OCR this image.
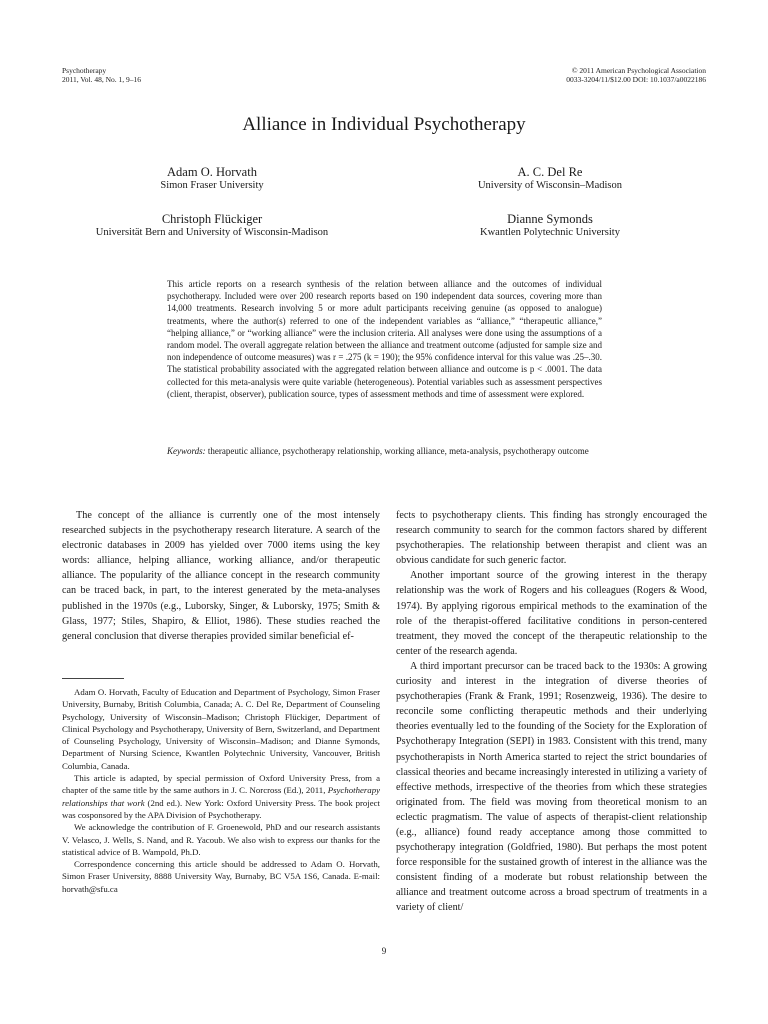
Psychotherapy
2011, Vol. 48, No. 1, 9–16
© 2011 American Psychological Association
0033-3204/11/$12.00 DOI: 10.1037/a0022186
Alliance in Individual Psychotherapy
Adam O. Horvath
Simon Fraser University
A. C. Del Re
University of Wisconsin–Madison
Christoph Flückiger
Universität Bern and University of Wisconsin-Madison
Dianne Symonds
Kwantlen Polytechnic University
This article reports on a research synthesis of the relation between alliance and the outcomes of individual psychotherapy. Included were over 200 research reports based on 190 independent data sources, covering more than 14,000 treatments. Research involving 5 or more adult participants receiving genuine (as opposed to analogue) treatments, where the author(s) referred to one of the independent variables as “alliance,” “therapeutic alliance,” “helping alliance,” or “working alliance” were the inclusion criteria. All analyses were done using the assumptions of a random model. The overall aggregate relation between the alliance and treatment outcome (adjusted for sample size and non independence of outcome measures) was r = .275 (k = 190); the 95% confidence interval for this value was .25–.30. The statistical probability associated with the aggregated relation between alliance and outcome is p < .0001. The data collected for this meta-analysis were quite variable (heterogeneous). Potential variables such as assessment perspectives (client, therapist, observer), publication source, types of assessment methods and time of assessment were explored.
Keywords: therapeutic alliance, psychotherapy relationship, working alliance, meta-analysis, psychotherapy outcome

The concept of the alliance is currently one of the most intensely researched subjects in the psychotherapy research literature. A search of the electronic databases in 2009 has yielded over 7000 items using the key words: alliance, helping alliance, working alliance, and/or therapeutic alliance. The popularity of the alliance concept in the research community can be traced back, in part, to the interest generated by the meta-analyses published in the 1970s (e.g., Luborsky, Singer, & Luborsky, 1975; Smith & Glass, 1977; Stiles, Shapiro, & Elliot, 1986). These studies reached the general conclusion that diverse therapies provided similar beneficial ef-

Adam O. Horvath, Faculty of Education and Department of Psychology, Simon Fraser University, Burnaby, British Columbia, Canada; A. C. Del Re, Department of Counseling Psychology, University of Wisconsin–Madison; Christoph Flückiger, Department of Clinical Psychology and Psychotherapy, University of Bern, Switzerland, and Department of Counseling Psychology, University of Wisconsin–Madison; and Dianne Symonds, Department of Nursing Science, Kwantlen Polytechnic University, Vancouver, British Columbia, Canada.

This article is adapted, by special permission of Oxford University Press, from a chapter of the same title by the same authors in J. C. Norcross (Ed.), 2011, Psychotherapy relationships that work (2nd ed.). New York: Oxford University Press. The book project was cosponsored by the APA Division of Psychotherapy.

We acknowledge the contribution of F. Groenewold, PhD and our research assistants V. Velasco, J. Wells, S. Nand, and R. Yacoub. We also wish to express our thanks for the statistical advice of B. Wampold, Ph.D.

Correspondence concerning this article should be addressed to Adam O. Horvath, Simon Fraser University, 8888 University Way, Burnaby, BC V5A 1S6, Canada. E-mail: horvath@sfu.ca

fects to psychotherapy clients. This finding has strongly encouraged the research community to search for the common factors shared by different psychotherapies. The relationship between therapist and client was an obvious candidate for such generic factor.

Another important source of the growing interest in the therapy relationship was the work of Rogers and his colleagues (Rogers & Wood, 1974). By applying rigorous empirical methods to the examination of the role of the therapist-offered facilitative conditions in person-centered treatment, they moved the concept of the therapeutic relationship to the center of the research agenda.

A third important precursor can be traced back to the 1930s: A growing curiosity and interest in the integration of diverse theories of psychotherapies (Frank & Frank, 1991; Rosenzweig, 1936). The desire to reconcile some conflicting therapeutic methods and their underlying theories eventually led to the founding of the Society for the Exploration of Psychotherapy Integration (SEPI) in 1983. Consistent with this trend, many psychotherapists in North America started to reject the strict boundaries of classical theories and became increasingly interested in utilizing a variety of effective methods, irrespective of the theories from which these strategies originated from. The field was moving from theoretical monism to an eclectic pragmatism. The value of aspects of therapist-client relationship (e.g., alliance) found ready acceptance among those committed to psychotherapy integration (Goldfried, 1980). But perhaps the most potent force responsible for the sustained growth of interest in the alliance was the consistent finding of a moderate but robust relationship between the alliance and treatment outcome across a broad spectrum of treatments in a variety of client/

9
